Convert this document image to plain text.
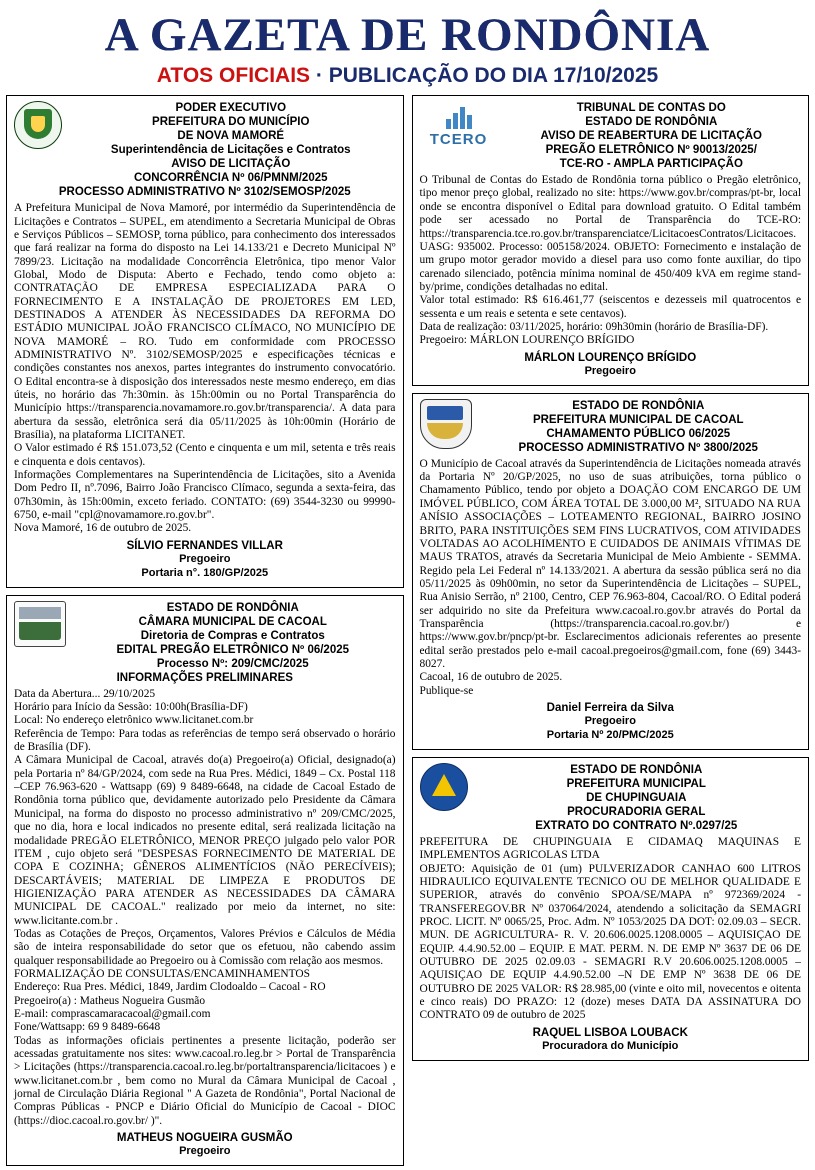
A GAZETA DE RONDÔNIA
ATOS OFICIAIS · PUBLICAÇÃO DO DIA 17/10/2025
PODER EXECUTIVO
PREFEITURA DO MUNICÍPIO
DE NOVA MAMORÉ
Superintendência de Licitações e Contratos
AVISO DE LICITAÇÃO
CONCORRÊNCIA Nº 06/PMNM/2025
PROCESSO ADMINISTRATIVO Nº 3102/SEMOSP/2025

A Prefeitura Municipal de Nova Mamoré, por intermédio da Superintendência de Licitações e Contratos – SUPEL, em atendimento a Secretaria Municipal de Obras e Serviços Públicos – SEMOSP, torna público, para conhecimento dos interessados que fará realizar na forma do disposto na Lei 14.133/21 e Decreto Municipal Nº 7899/23. Licitação na modalidade Concorrência Eletrônica, tipo menor Valor Global, Modo de Disputa: Aberto e Fechado, tendo como objeto a: CONTRATAÇÃO DE EMPRESA ESPECIALIZADA PARA O FORNECIMENTO E A INSTALAÇÃO DE PROJETORES EM LED, DESTINADOS A ATENDER ÀS NECESSIDADES DA REFORMA DO ESTÁDIO MUNICIPAL JOÃO FRANCISCO CLÍMACO, NO MUNICÍPIO DE NOVA MAMORÉ – RO. Tudo em conformidade com PROCESSO ADMINISTRATIVO Nº. 3102/SEMOSP/2025 e especificações técnicas e condições constantes nos anexos, partes integrantes do instrumento convocatório. O Edital encontra-se à disposição dos interessados neste mesmo endereço, em dias úteis, no horário das 7h:30min. às 15h:00min ou no Portal Transparência do Município https://transparencia.novamamore.ro.gov.br/transparencia/. A data para abertura da sessão, eletrônica será dia 05/11/2025 às 10h:00min (Horário de Brasília), na plataforma LICITANET.

O Valor estimado é R$ 151.073,52 (Cento e cinquenta e um mil, setenta e três reais e cinquenta e dois centavos).

Informações Complementares na Superintendência de Licitações, sito a Avenida Dom Pedro II, nº.7096, Bairro João Francisco Clímaco, segunda a sexta-feira, das 07h30min, às 15h:00min, exceto feriado. CONTATO: (69) 3544-3230 ou 99990-6750, e-mail "cpl@novamamore.ro.gov.br".

Nova Mamoré, 16 de outubro de 2025.

SÍLVIO FERNANDES VILLAR
Pregoeiro
Portaria n°. 180/GP/2025
ESTADO DE RONDÔNIA
CÂMARA MUNICIPAL DE CACOAL
Diretoria de Compras e Contratos
EDITAL PREGÃO ELETRÔNICO Nº 06/2025
Processo Nº: 209/CMC/2025
INFORMAÇÕES PRELIMINARES

Data da Abertura... 29/10/2025

Horário para Início da Sessão: 10:00h(Brasília-DF)

Local: No endereço eletrônico www.licitanet.com.br

Referência de Tempo: Para todas as referências de tempo será observado o horário de Brasília (DF).

A Câmara Municipal de Cacoal, através do(a) Pregoeiro(a) Oficial, designado(a) pela Portaria nº 84/GP/2024, com sede na Rua Pres. Médici, 1849 – Cx. Postal 118 –CEP 76.963-620 - Wattsapp (69) 9 8489-6648, na cidade de Cacoal Estado de Rondônia torna público que, devidamente autorizado pelo Presidente da Câmara Municipal, na forma do disposto no processo administrativo nº 209/CMC/2025, que no dia, hora e local indicados no presente edital, será realizada licitação na modalidade PREGÃO ELETRÔNICO, MENOR PREÇO julgado pelo valor POR ITEM , cujo objeto será "DESPESAS FORNECIMENTO DE MATERIAL DE COPA E COZINHA; GÊNEROS ALIMENTÍCIOS (NÃO PERECÍVEIS); DESCARTÁVEIS; MATERIAL DE LIMPEZA E PRODUTOS DE HIGIENIZAÇÃO PARA ATENDER AS NECESSIDADES DA CÂMARA MUNICIPAL DE CACOAL." realizado por meio da internet, no site: www.licitante.com.br .

Todas as Cotações de Preços, Orçamentos, Valores Prévios e Cálculos de Média são de inteira responsabilidade do setor que os efetuou, não cabendo assim qualquer responsabilidade ao Pregoeiro ou à Comissão com relação aos mesmos.

FORMALIZAÇÃO DE CONSULTAS/ENCAMINHAMENTOS

Endereço: Rua Pres. Médici, 1849, Jardim Clodoaldo – Cacoal - RO

Pregoeiro(a) : Matheus Nogueira Gusmão

E-mail: comprascamaracacoal@gmail.com

Fone/Wattsapp: 69 9 8489-6648

Todas as informações oficiais pertinentes a presente licitação, poderão ser acessadas gratuitamente nos sites: www.cacoal.ro.leg.br > Portal de Transparência > Licitações (https://transparencia.cacoal.ro.leg.br/portaltransparencia/licitacoes ) e www.licitanet.com.br , bem como no Mural da Câmara Municipal de Cacoal , jornal de Circulação Diária Regional " A Gazeta de Rondônia", Portal Nacional de Compras Públicas - PNCP e Diário Oficial do Município de Cacoal - DIOC (https://dioc.cacoal.ro.gov.br/ )".

MATHEUS NOGUEIRA GUSMÃO
Pregoeiro
TCERO
TRIBUNAL DE CONTAS DO
ESTADO DE RONDÔNIA
AVISO DE REABERTURA DE LICITAÇÃO
PREGÃO ELETRÔNICO Nº 90013/2025/
TCE-RO - AMPLA PARTICIPAÇÃO

O Tribunal de Contas do Estado de Rondônia torna público o Pregão eletrônico, tipo menor preço global, realizado no site: https://www.gov.br/compras/pt-br, local onde se encontra disponível o Edital para download gratuito. O Edital também pode ser acessado no Portal de Transparência do TCE-RO: https://transparencia.tce.ro.gov.br/transparenciatce/LicitacoesContratos/Licitacoes.

UASG: 935002. Processo: 005158/2024. OBJETO: Fornecimento e instalação de um grupo motor gerador movido a diesel para uso como fonte auxiliar, do tipo carenado silenciado, potência mínima nominal de 450/409 kVA em regime stand-by/prime, condições detalhadas no edital.

Valor total estimado: R$ 616.461,77 (seiscentos e dezesseis mil quatrocentos e sessenta e um reais e setenta e sete centavos).

Data de realização: 03/11/2025, horário: 09h30min (horário de Brasília-DF).

Pregoeiro: MÁRLON LOURENÇO BRÍGIDO

MÁRLON LOURENÇO BRÍGIDO
Pregoeiro
ESTADO DE RONDÔNIA
PREFEITURA MUNICIPAL DE CACOAL
CHAMAMENTO PÚBLICO 06/2025
PROCESSO ADMINISTRATIVO Nº 3800/2025

O Município de Cacoal através da Superintendência de Licitações nomeada através da Portaria Nº 20/GP/2025, no uso de suas atribuições, torna público o Chamamento Público, tendo por objeto a DOAÇÃO COM ENCARGO DE UM IMÓVEL PÚBLICO, COM ÁREA TOTAL DE 3.000,00 M², SITUADO NA RUA ANÍSIO ASSOCIAÇÕES – LOTEAMENTO REGIONAL, BAIRRO JOSINO BRITO, PARA INSTITUIÇÕES SEM FINS LUCRATIVOS, COM ATIVIDADES VOLTADAS AO ACOLHIMENTO E CUIDADOS DE ANIMAIS VÍTIMAS DE MAUS TRATOS, através da Secretaria Municipal de Meio Ambiente - SEMMA. Regido pela Lei Federal nº 14.133/2021. A abertura da sessão pública será no dia 05/11/2025 às 09h00min, no setor da Superintendência de Licitações – SUPEL, Rua Anisio Serrão, nº 2100, Centro, CEP 76.963-804, Cacoal/RO. O Edital poderá ser adquirido no site da Prefeitura www.cacoal.ro.gov.br através do Portal da Transparência (https://transparencia.cacoal.ro.gov.br/) e https://www.gov.br/pncp/pt-br. Esclarecimentos adicionais referentes ao presente edital serão prestados pelo e-mail cacoal.pregoeiros@gmail.com, fone (69) 3443-8027.

Cacoal, 16 de outubro de 2025.

Publique-se

Daniel Ferreira da Silva
Pregoeiro
Portaria Nº 20/PMC/2025
ESTADO DE RONDÔNIA
PREFEITURA MUNICIPAL
DE CHUPINGUAIA
PROCURADORIA GERAL
EXTRATO DO CONTRATO Nº.0297/25

PREFEITURA DE CHUPINGUAIA E CIDAMAQ MAQUINAS E IMPLEMENTOS AGRICOLAS LTDA

OBJETO: Aquisição de 01 (um) PULVERIZADOR CANHAO 600 LITROS HIDRAULICO EQUIVALENTE TECNICO OU DE MELHOR QUALIDADE E SUPERIOR, através do convênio SPOA/SE/MAPA nº 972369/2024 - TRANSFEREGOV.BR Nº 037064/2024, atendendo a solicitação da SEMAGRI PROC. LICIT. Nº 0065/25, Proc. Adm. Nº 1053/2025 DA DOT: 02.09.03 – SECR. MUN. DE AGRICULTURA- R. V. 20.606.0025.1208.0005 – AQUISIÇAO DE EQUIP. 4.4.90.52.00 – EQUIP. E MAT. PERM. N. DE EMP Nº 3637 DE 06 DE OUTUBRO DE 2025 02.09.03 - SEMAGRI R.V 20.606.0025.1208.0005 – AQUISIÇAO DE EQUIP 4.4.90.52.00 –N DE EMP Nº 3638 DE 06 DE OUTUBRO DE 2025 VALOR: R$ 28.985,00 (vinte e oito mil, novecentos e oitenta e cinco reais) DO PRAZO: 12 (doze) meses DATA DA ASSINATURA DO CONTRATO 09 de outubro de 2025

RAQUEL LISBOA LOUBACK
Procuradora do Município
